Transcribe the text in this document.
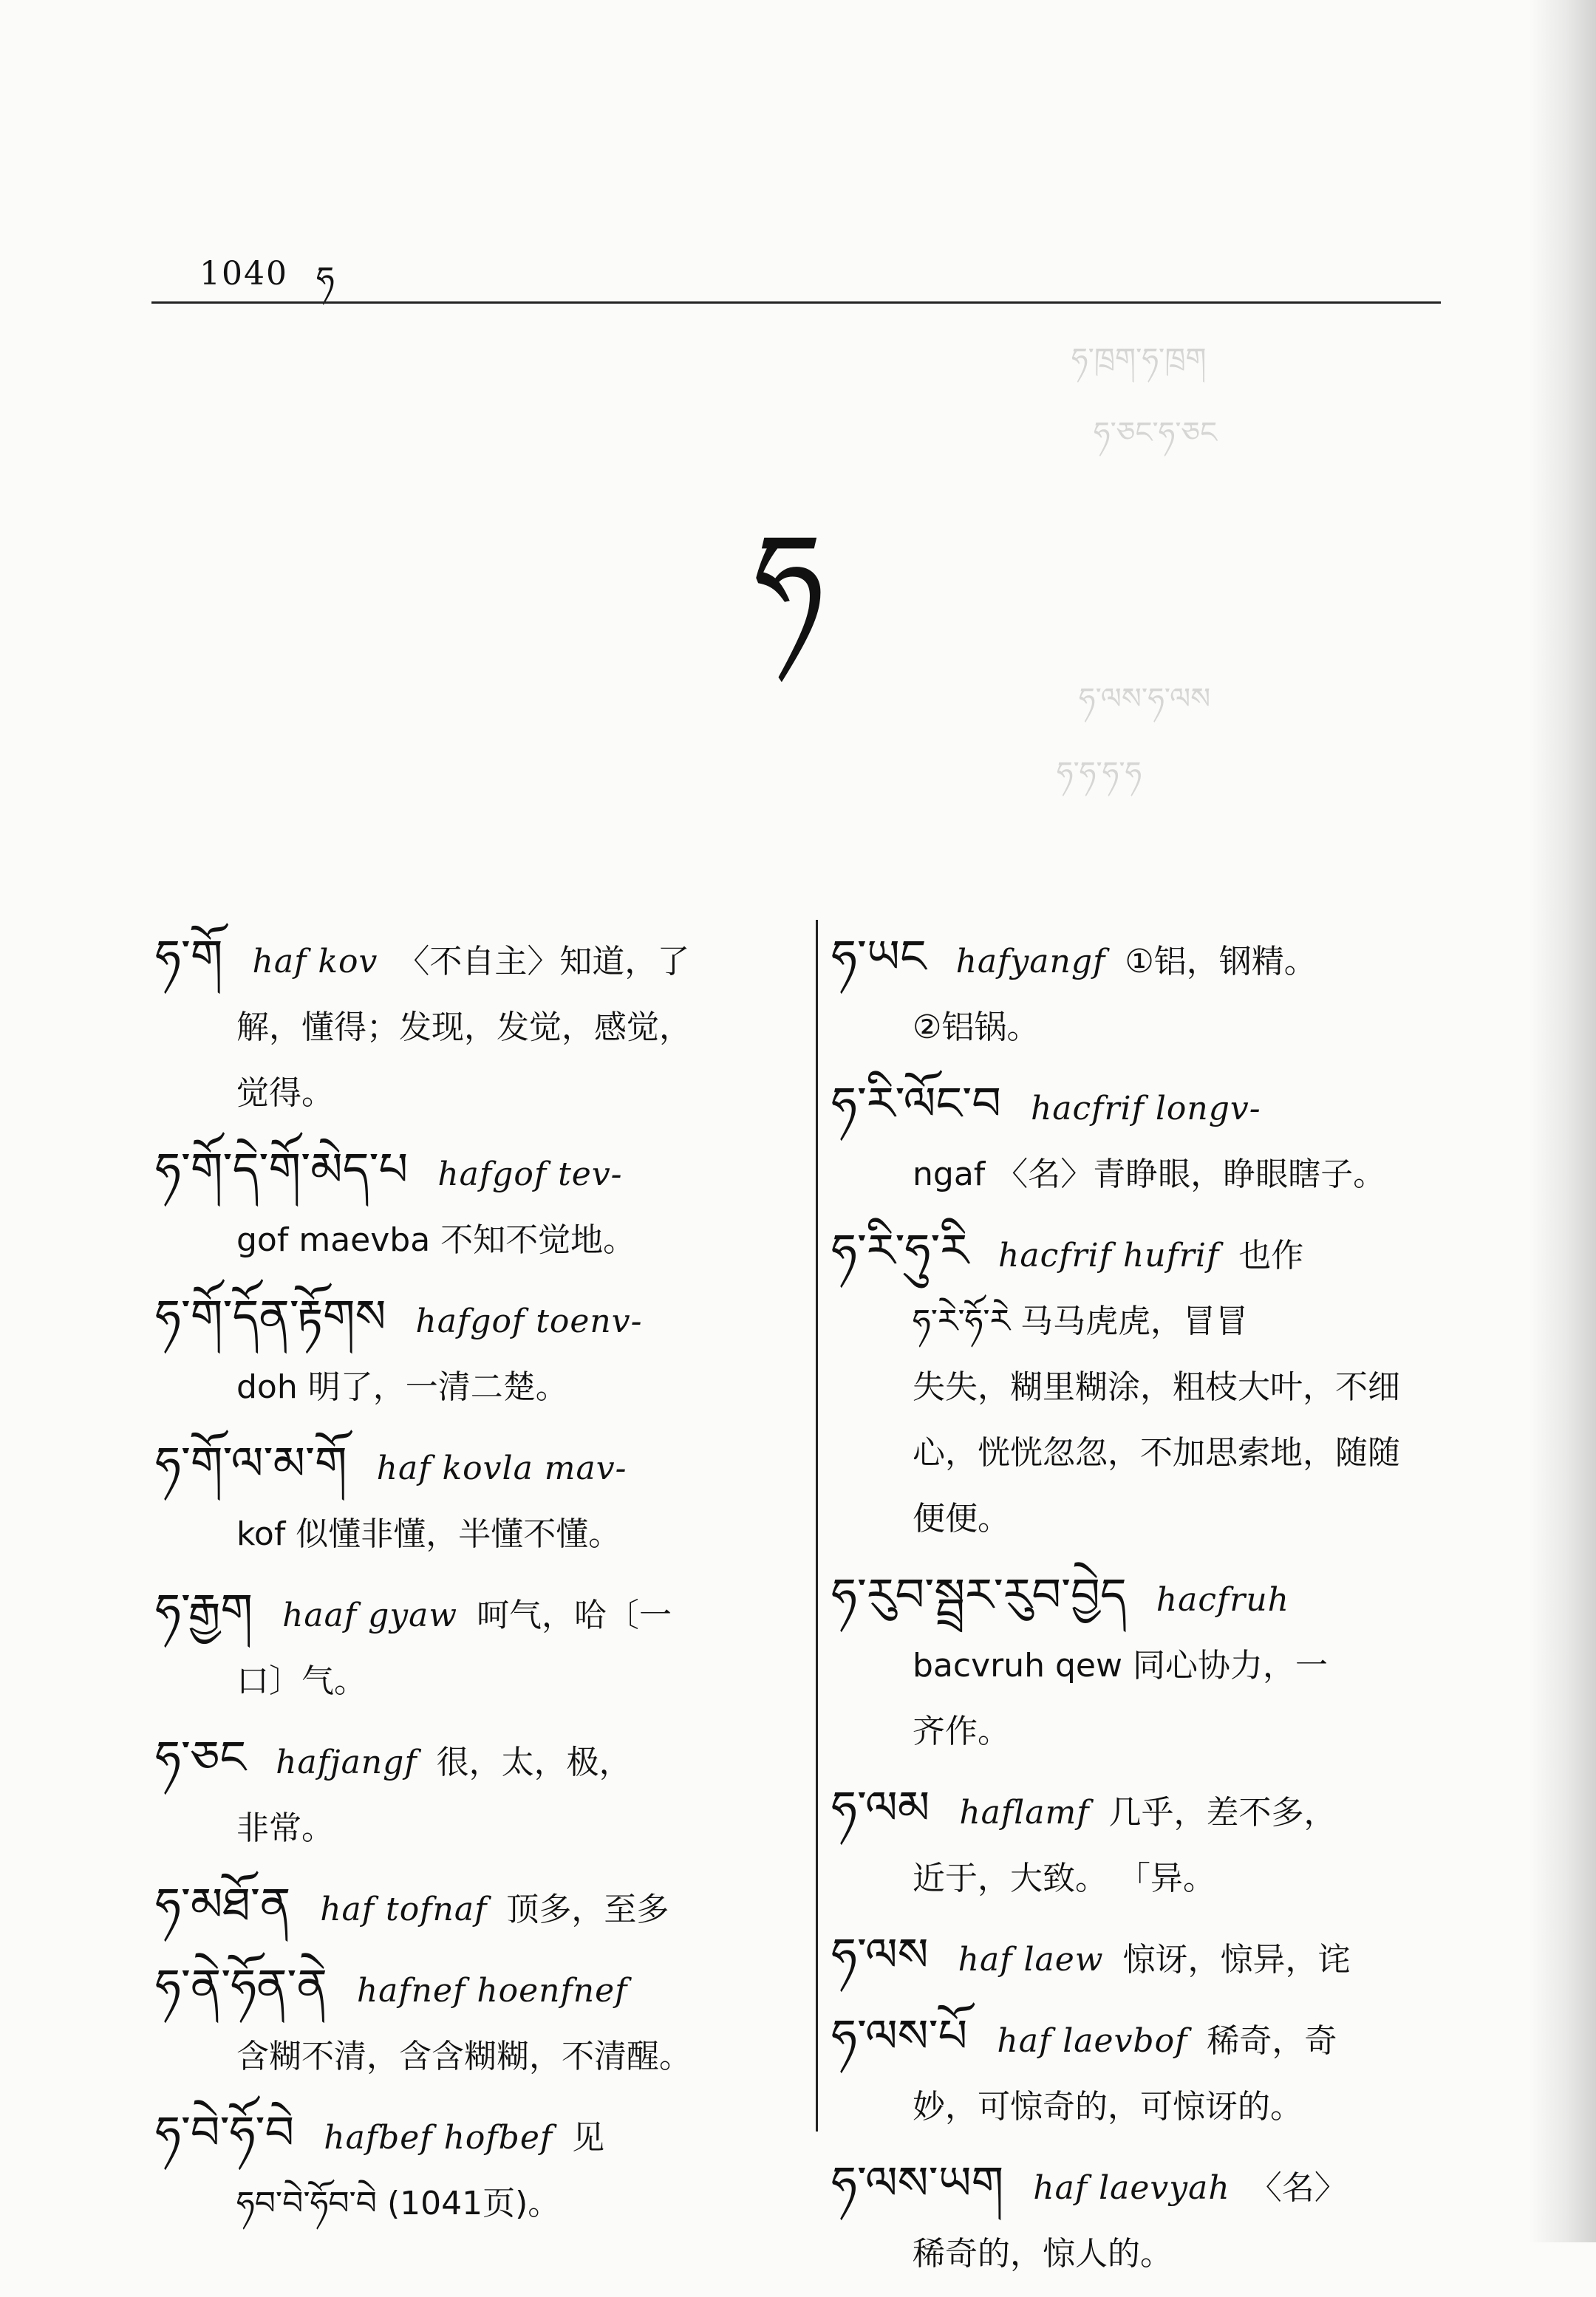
1040 ཧ
ཧ་ཁྲག་ཧ་ཁྲག
ཧ་ཅང་ཧ་ཅང
ཧ་ལས་ཧ་ལས
ཧ་ཧ་ཧ་ཧ
ཧ
ཧ་གོ haf kov 〈不自主〉知道，了
解，懂得；发现，发觉，感觉，
觉得。
ཧ་གོ་དེ་གོ་མེད་པ hafgof tev-
gof maevba 不知不觉地。
ཧ་གོ་དོན་རྟོགས hafgof toenv-
doh 明了，一清二楚。
ཧ་གོ་ལ་མ་གོ haf kovla mav-
kof 似懂非懂，半懂不懂。
ཧ་རྒྱག haaf gyaw 呵气，哈〔一
口〕气。
ཧ་ཅང hafjangf 很，太，极，
非常。
ཧ་མཐོ་ན haf tofnaf 顶多，至多
ཧ་ནེ་ཧོན་ནེ hafnef hoenfnef
含糊不清，含含糊糊，不清醒。
ཧ་བེ་ཧོ་བེ hafbef hofbef 见
ཧབ་བེ་ཧོབ་བེ (1041页)。
ཧ་ཡང hafyangf ①铝，钢精。
②铝锅。
ཧ་རི་ལོང་བ hacfrif longv-
ngaf 〈名〉青睁眼，睁眼瞎子。
ཧ་རི་ཧུ་རི hacfrif hufrif 也作
ཧ་རེ་ཧོ་རེ 马马虎虎，冒冒
失失，糊里糊涂，粗枝大叶，不细
心，恍恍忽忽，不加思索地，随随
便便。
ཧ་རུབ་སྦྲར་རུབ་བྱེད hacfruh
bacvruh qew 同心协力，一
齐作。
ཧ་ལམ haflamf 几乎，差不多，
近于，大致。 「异。
ཧ་ལས haf laew 惊讶，惊异，诧
ཧ་ལས་པོ haf laevbof 稀奇，奇
妙，可惊奇的，可惊讶的。
ཧ་ལས་ཡག haf laevyah 〈名〉
稀奇的，惊人的。
